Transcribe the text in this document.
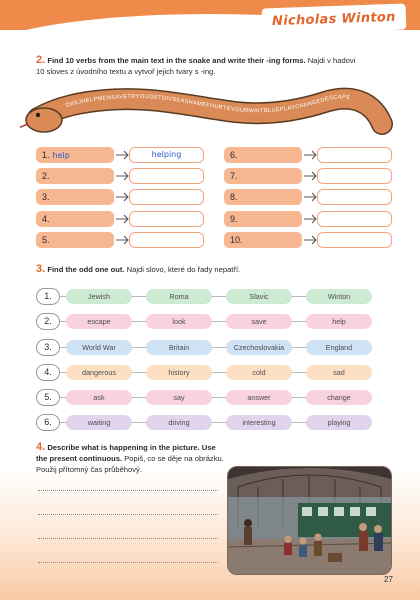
Nicholas Winton
2. Find 10 verbs from the main text in the snake and write their -ing forms. Najdi v hadovi
10 sloves z úvodního textu a vytvoř jejich tvary s -ing.
OXKJHELPMENSAVETRYOUGETDIVSEASHAMEFHURTEVOURWAITBLUEPLAYCHANGEDESCAPE
1. help	helping
2.
3.
4.
5.
6.
7.
8.
9.
10.
3. Find the odd one out. Najdi slovo, které do řady nepatří.
1.	Jewish	Roma	Slavic	Winton
2.	escape	look	save	help
3.	World War	Britain	Czechoslovakia	England
4.	dangerous	history	cold	sad
5.	ask	say	answer	change
6.	waiting	driving	interesting	playing
4. Describe what is happening in the picture. Use the present continuous. Popiš, co se děje na obrázku. Použij přítomný čas průběhový.
27
